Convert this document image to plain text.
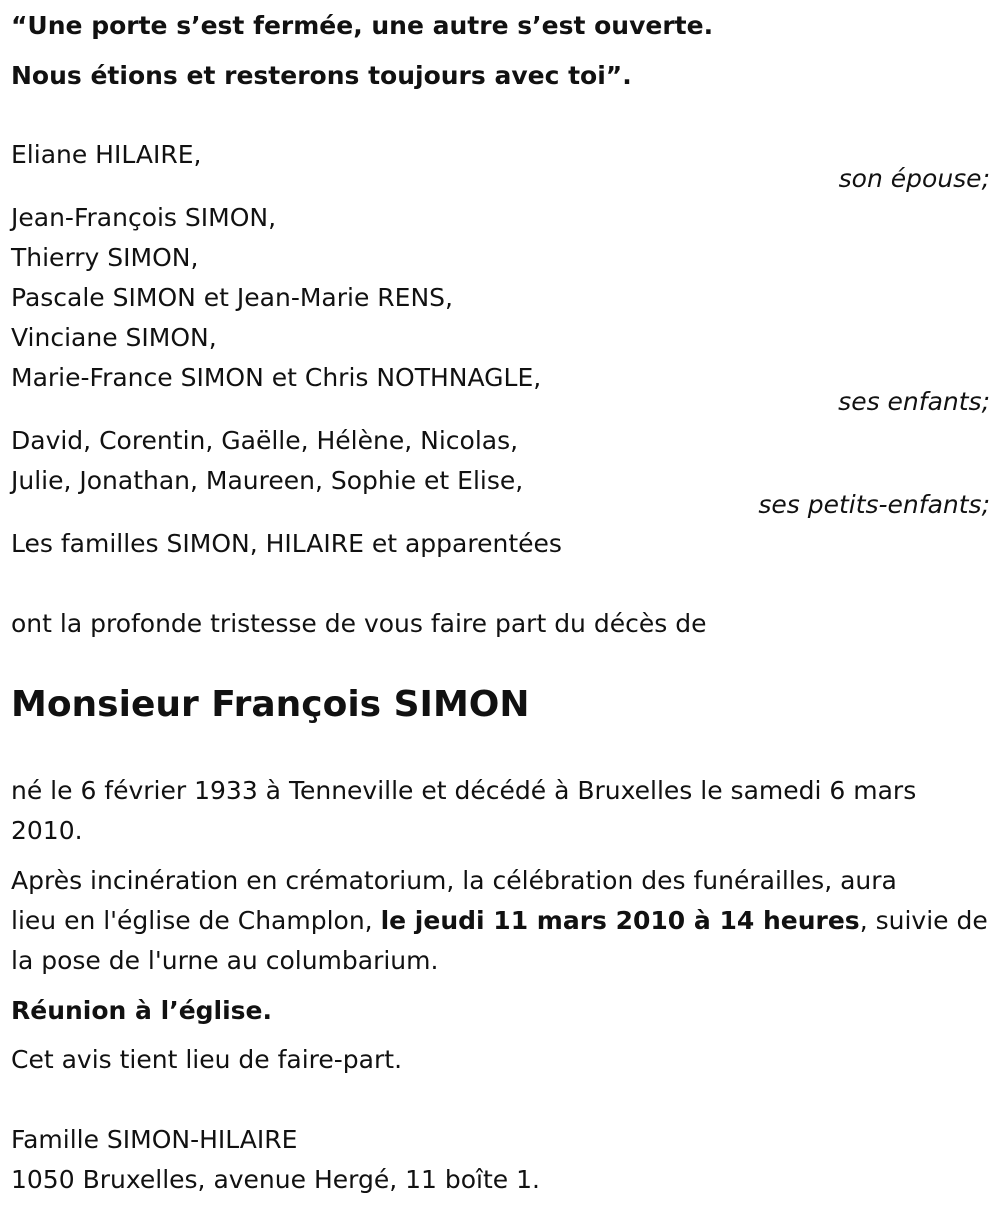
“Une porte s’est fermée, une autre s’est ouverte.
Nous étions et resterons toujours avec toi”.
Eliane HILAIRE,
son épouse;
Jean-François SIMON,
Thierry SIMON,
Pascale SIMON et Jean-Marie RENS,
Vinciane SIMON,
Marie-France SIMON et Chris NOTHNAGLE,
ses enfants;
David, Corentin, Gaëlle, Hélène, Nicolas,
Julie, Jonathan, Maureen, Sophie et Elise,
ses petits-enfants;
Les familles SIMON, HILAIRE et apparentées
ont la profonde tristesse de vous faire part du décès de
Monsieur François SIMON
né le 6 février 1933 à Tenneville et décédé à Bruxelles le samedi 6 mars
2010.
Après incinération en crématorium, la célébration des funérailles, aura
lieu en l'église de Champlon, le jeudi 11 mars 2010 à 14 heures, suivie de
la pose de l'urne au columbarium.
Réunion à l’église.
Cet avis tient lieu de faire-part.
Famille SIMON-HILAIRE
1050 Bruxelles, avenue Hergé, 11 boîte 1.
